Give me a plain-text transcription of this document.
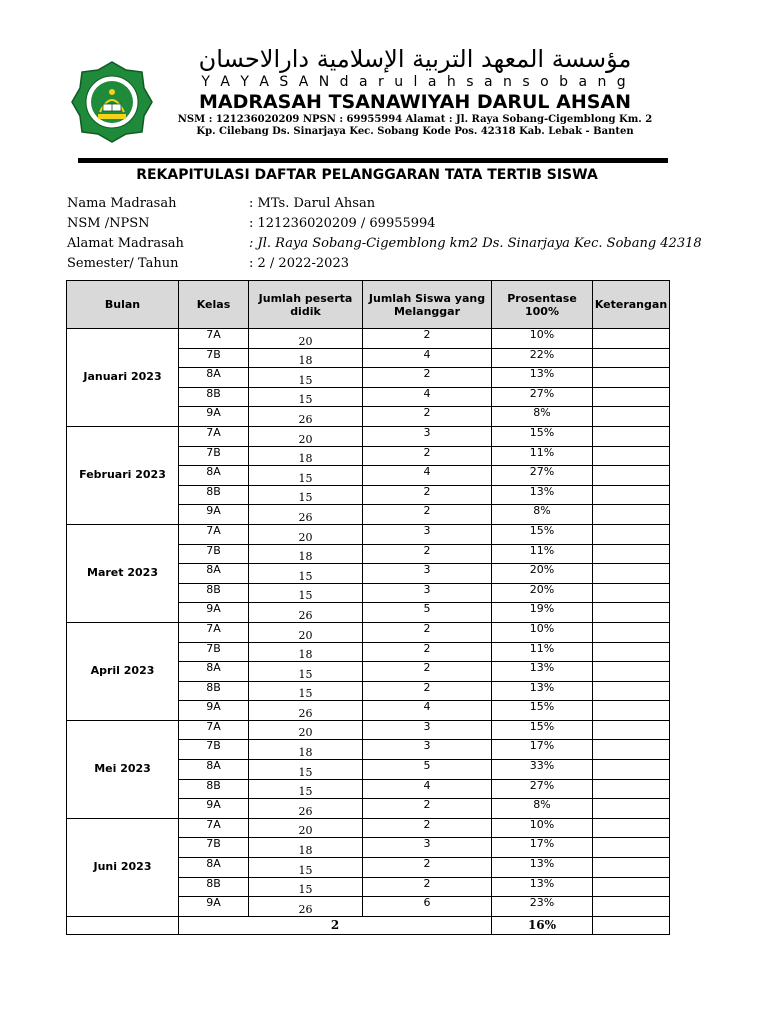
مؤسسة المعهد التربية الإسلامية دارالاحسان
Y A Y A S A N d a r u l a h s a n s o b a n g
MADRASAH TSANAWIYAH DARUL AHSAN
NSM : 121236020209 NPSN : 69955994 Alamat : Jl. Raya Sobang-Cigemblong Km. 2
Kp. Cilebang Ds. Sinarjaya Kec. Sobang Kode Pos. 42318 Kab. Lebak - Banten
REKAPITULASI DAFTAR PELANGGARAN TATA TERTIB SISWA
Nama Madrasah	: MTs. Darul Ahsan
NSM /NPSN	: 121236020209 / 69955994
Alamat Madrasah	: Jl. Raya Sobang-Cigemblong km2 Ds. Sinarjaya Kec. Sobang 42318
Semester/ Tahun	: 2 / 2022-2023
Bulan	Kelas	Jumlah peserta didik	Jumlah Siswa yang Melanggar	Prosentase 100%	Keterangan
Januari 2023	7A	20	2	10%	
	7B	18	4	22%	
	8A	15	2	13%	
	8B	15	4	27%	
	9A	26	2	8%	
Februari 2023	7A	20	3	15%	
	7B	18	2	11%	
	8A	15	4	27%	
	8B	15	2	13%	
	9A	26	2	8%	
Maret 2023	7A	20	3	15%	
	7B	18	2	11%	
	8A	15	3	20%	
	8B	15	3	20%	
	9A	26	5	19%	
April 2023	7A	20	2	10%	
	7B	18	2	11%	
	8A	15	2	13%	
	8B	15	2	13%	
	9A	26	4	15%	
Mei 2023	7A	20	3	15%	
	7B	18	3	17%	
	8A	15	5	33%	
	8B	15	4	27%	
	9A	26	2	8%	
Juni 2023	7A	20	2	10%	
	7B	18	3	17%	
	8A	15	2	13%	
	8B	15	2	13%	
	9A	26	6	23%	
	2			16%	
